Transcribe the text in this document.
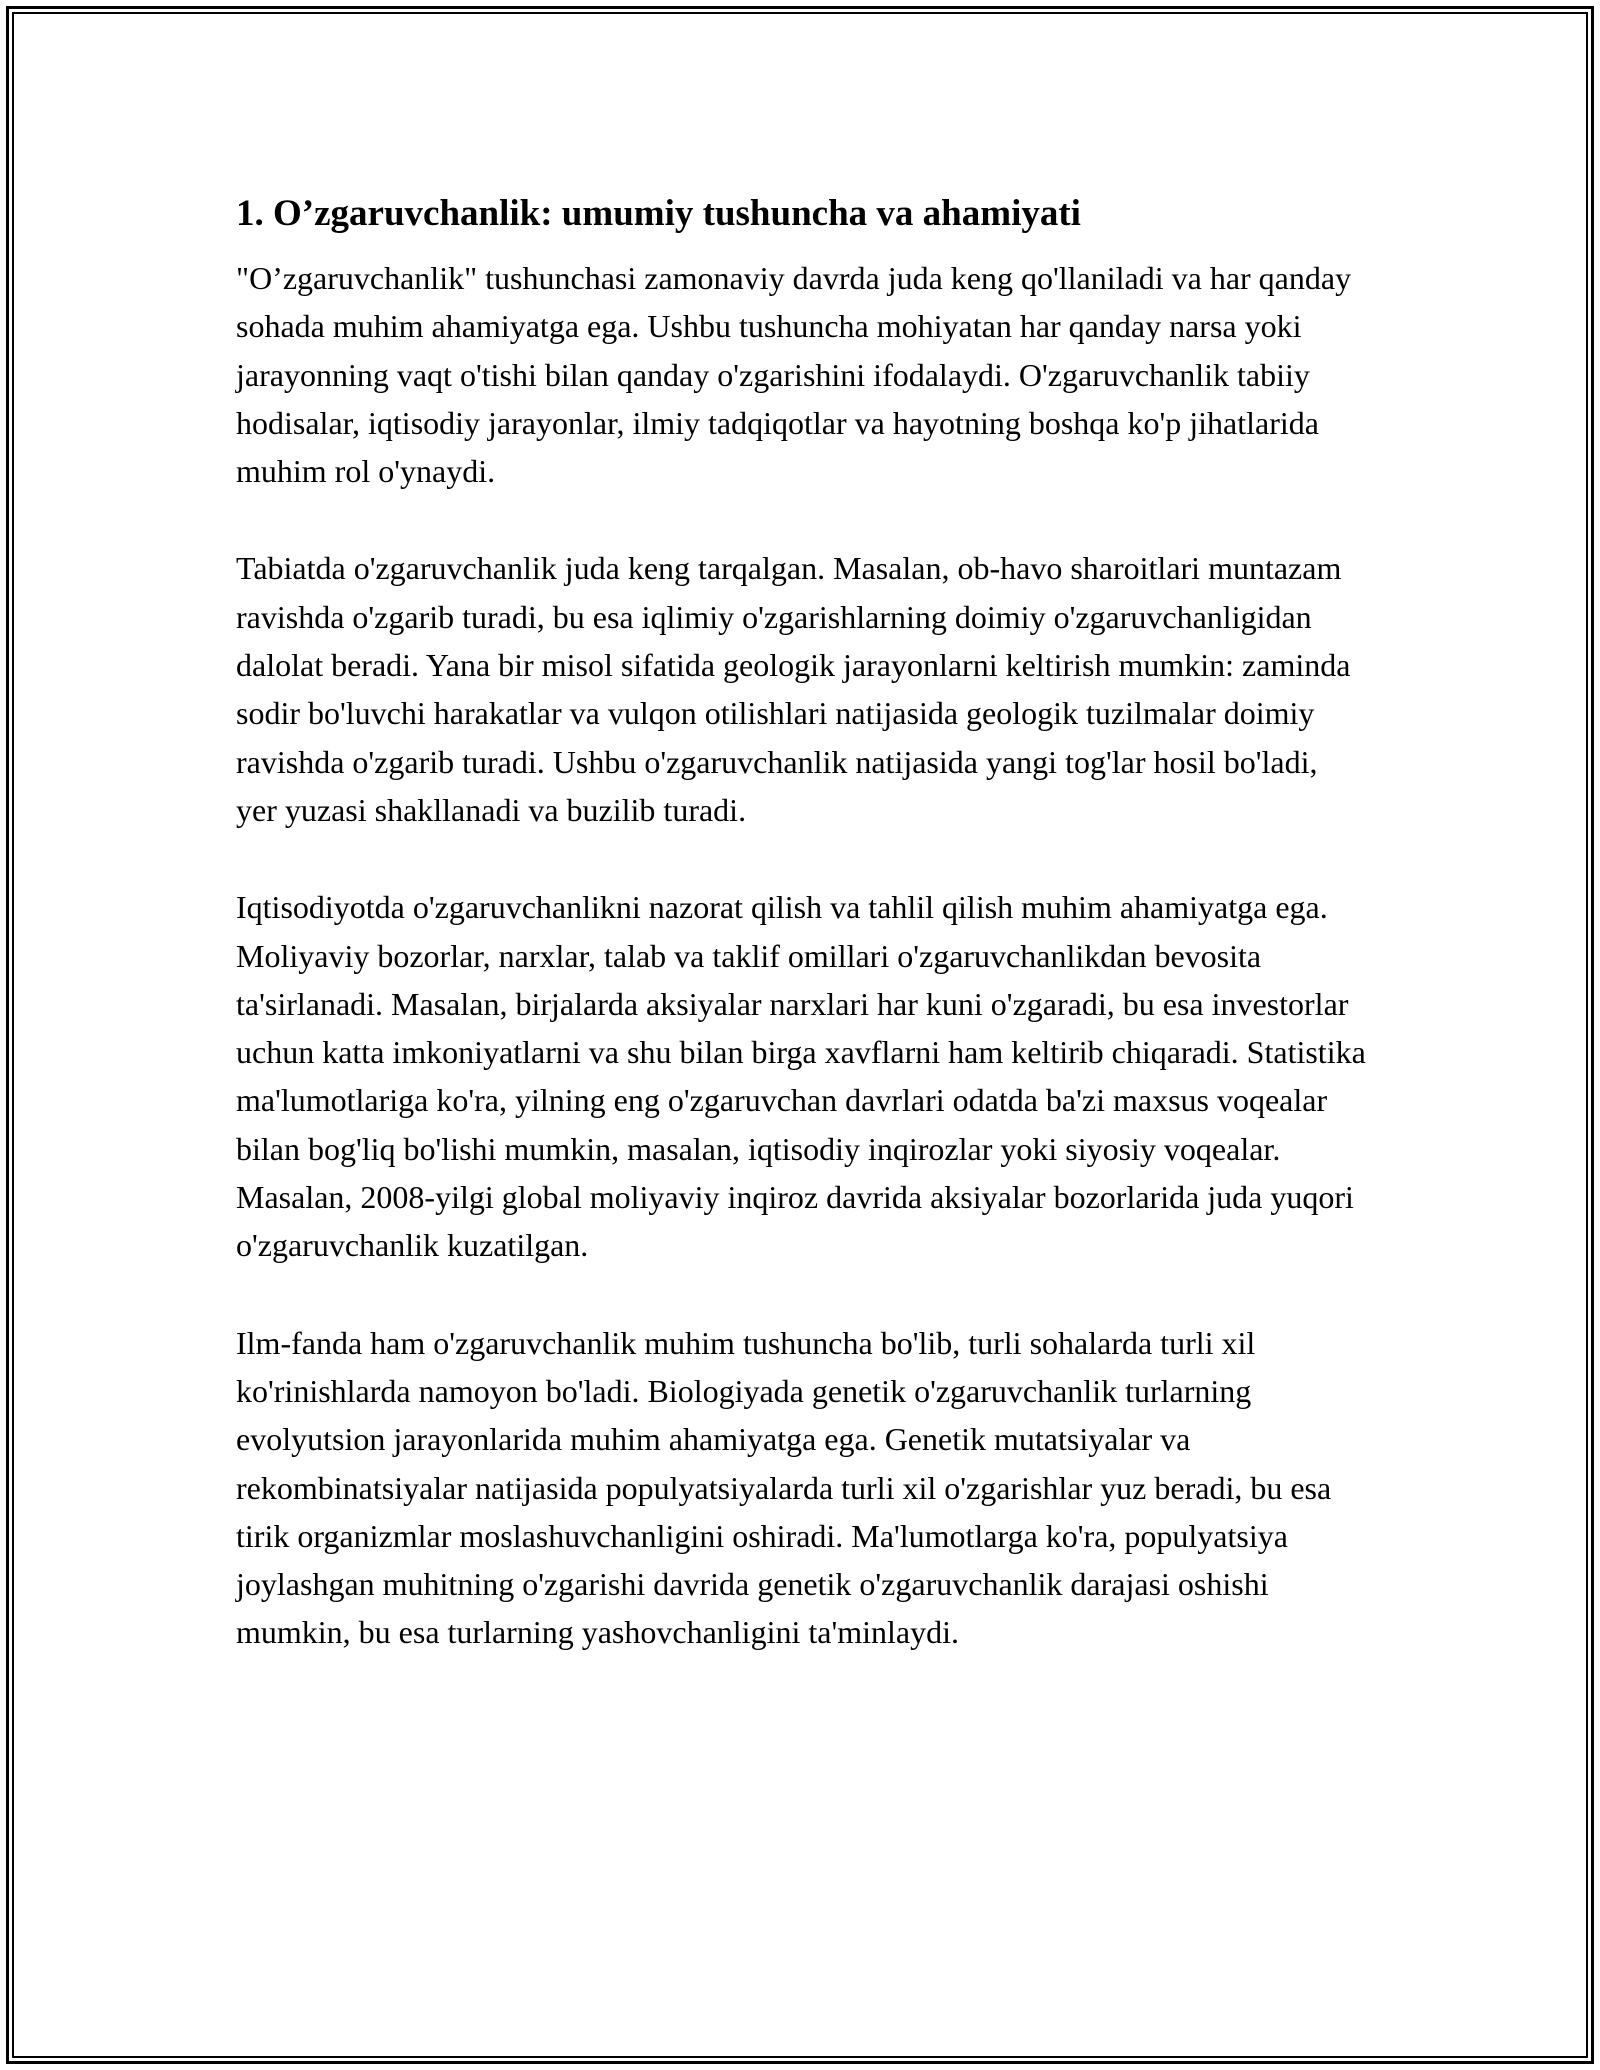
1. O’zgaruvchanlik: umumiy tushuncha va ahamiyati

"O’zgaruvchanlik" tushunchasi zamonaviy davrda juda keng qo'llaniladi va har qanday sohada muhim ahamiyatga ega. Ushbu tushuncha mohiyatan har qanday narsa yoki jarayonning vaqt o'tishi bilan qanday o'zgarishini ifodalaydi. O'zgaruvchanlik tabiiy hodisalar, iqtisodiy jarayonlar, ilmiy tadqiqotlar va hayotning boshqa ko'p jihatlarida muhim rol o'ynaydi.

Tabiatda o'zgaruvchanlik juda keng tarqalgan. Masalan, ob-havo sharoitlari muntazam ravishda o'zgarib turadi, bu esa iqlimiy o'zgarishlarning doimiy o'zgaruvchanligidan dalolat beradi. Yana bir misol sifatida geologik jarayonlarni keltirish mumkin: zaminda sodir bo'luvchi harakatlar va vulqon otilishlari natijasida geologik tuzilmalar doimiy ravishda o'zgarib turadi. Ushbu o'zgaruvchanlik natijasida yangi tog'lar hosil bo'ladi, yer yuzasi shakllanadi va buzilib turadi.

Iqtisodiyotda o'zgaruvchanlikni nazorat qilish va tahlil qilish muhim ahamiyatga ega. Moliyaviy bozorlar, narxlar, talab va taklif omillari o'zgaruvchanlikdan bevosita ta'sirlanadi. Masalan, birjalarda aksiyalar narxlari har kuni o'zgaradi, bu esa investorlar uchun katta imkoniyatlarni va shu bilan birga xavflarni ham keltirib chiqaradi. Statistika ma'lumotlariga ko'ra, yilning eng o'zgaruvchan davrlari odatda ba'zi maxsus voqealar bilan bog'liq bo'lishi mumkin, masalan, iqtisodiy inqirozlar yoki siyosiy voqealar. Masalan, 2008-yilgi global moliyaviy inqiroz davrida aksiyalar bozorlarida juda yuqori o'zgaruvchanlik kuzatilgan.

Ilm-fanda ham o'zgaruvchanlik muhim tushuncha bo'lib, turli sohalarda turli xil ko'rinishlarda namoyon bo'ladi. Biologiyada genetik o'zgaruvchanlik turlarning evolyutsion jarayonlarida muhim ahamiyatga ega. Genetik mutatsiyalar va rekombinatsiyalar natijasida populyatsiyalarda turli xil o'zgarishlar yuz beradi, bu esa tirik organizmlar moslashuvchanligini oshiradi. Ma'lumotlarga ko'ra, populyatsiya joylashgan muhitning o'zgarishi davrida genetik o'zgaruvchanlik darajasi oshishi mumkin, bu esa turlarning yashovchanligini ta'minlaydi.
